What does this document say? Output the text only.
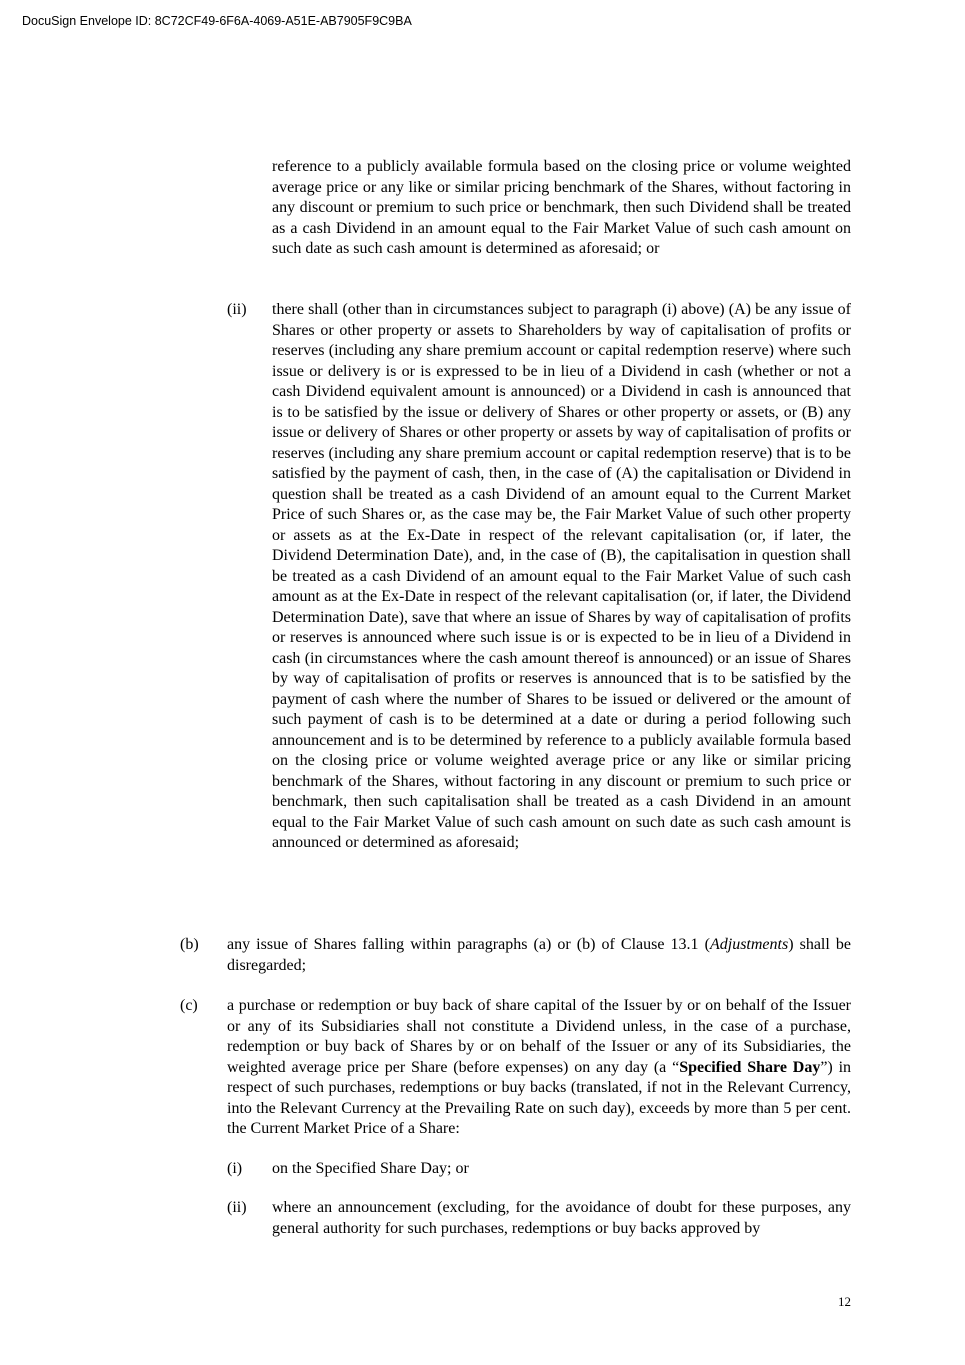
DocuSign Envelope ID: 8C72CF49-6F6A-4069-A51E-AB7905F9C9BA
reference to a publicly available formula based on the closing price or volume weighted average price or any like or similar pricing benchmark of the Shares, without factoring in any discount or premium to such price or benchmark, then such Dividend shall be treated as a cash Dividend in an amount equal to the Fair Market Value of such cash amount on such date as such cash amount is determined as aforesaid; or
(ii) there shall (other than in circumstances subject to paragraph (i) above) (A) be any issue of Shares or other property or assets to Shareholders by way of capitalisation of profits or reserves (including any share premium account or capital redemption reserve) where such issue or delivery is or is expressed to be in lieu of a Dividend in cash (whether or not a cash Dividend equivalent amount is announced) or a Dividend in cash is announced that is to be satisfied by the issue or delivery of Shares or other property or assets, or (B) any issue or delivery of Shares or other property or assets by way of capitalisation of profits or reserves (including any share premium account or capital redemption reserve) that is to be satisfied by the payment of cash, then, in the case of (A) the capitalisation or Dividend in question shall be treated as a cash Dividend of an amount equal to the Current Market Price of such Shares or, as the case may be, the Fair Market Value of such other property or assets as at the Ex-Date in respect of the relevant capitalisation (or, if later, the Dividend Determination Date), and, in the case of (B), the capitalisation in question shall be treated as a cash Dividend of an amount equal to the Fair Market Value of such cash amount as at the Ex-Date in respect of the relevant capitalisation (or, if later, the Dividend Determination Date), save that where an issue of Shares by way of capitalisation of profits or reserves is announced where such issue is or is expected to be in lieu of a Dividend in cash (in circumstances where the cash amount thereof is announced) or an issue of Shares by way of capitalisation of profits or reserves is announced that is to be satisfied by the payment of cash where the number of Shares to be issued or delivered or the amount of such payment of cash is to be determined at a date or during a period following such announcement and is to be determined by reference to a publicly available formula based on the closing price or volume weighted average price or any like or similar pricing benchmark of the Shares, without factoring in any discount or premium to such price or benchmark, then such capitalisation shall be treated as a cash Dividend in an amount equal to the Fair Market Value of such cash amount on such date as such cash amount is announced or determined as aforesaid;
(b) any issue of Shares falling within paragraphs (a) or (b) of Clause 13.1 (Adjustments) shall be disregarded;
(c) a purchase or redemption or buy back of share capital of the Issuer by or on behalf of the Issuer or any of its Subsidiaries shall not constitute a Dividend unless, in the case of a purchase, redemption or buy back of Shares by or on behalf of the Issuer or any of its Subsidiaries, the weighted average price per Share (before expenses) on any day (a “Specified Share Day”) in respect of such purchases, redemptions or buy backs (translated, if not in the Relevant Currency, into the Relevant Currency at the Prevailing Rate on such day), exceeds by more than 5 per cent. the Current Market Price of a Share:
(i) on the Specified Share Day; or
(ii) where an announcement (excluding, for the avoidance of doubt for these purposes, any general authority for such purchases, redemptions or buy backs approved by
12
